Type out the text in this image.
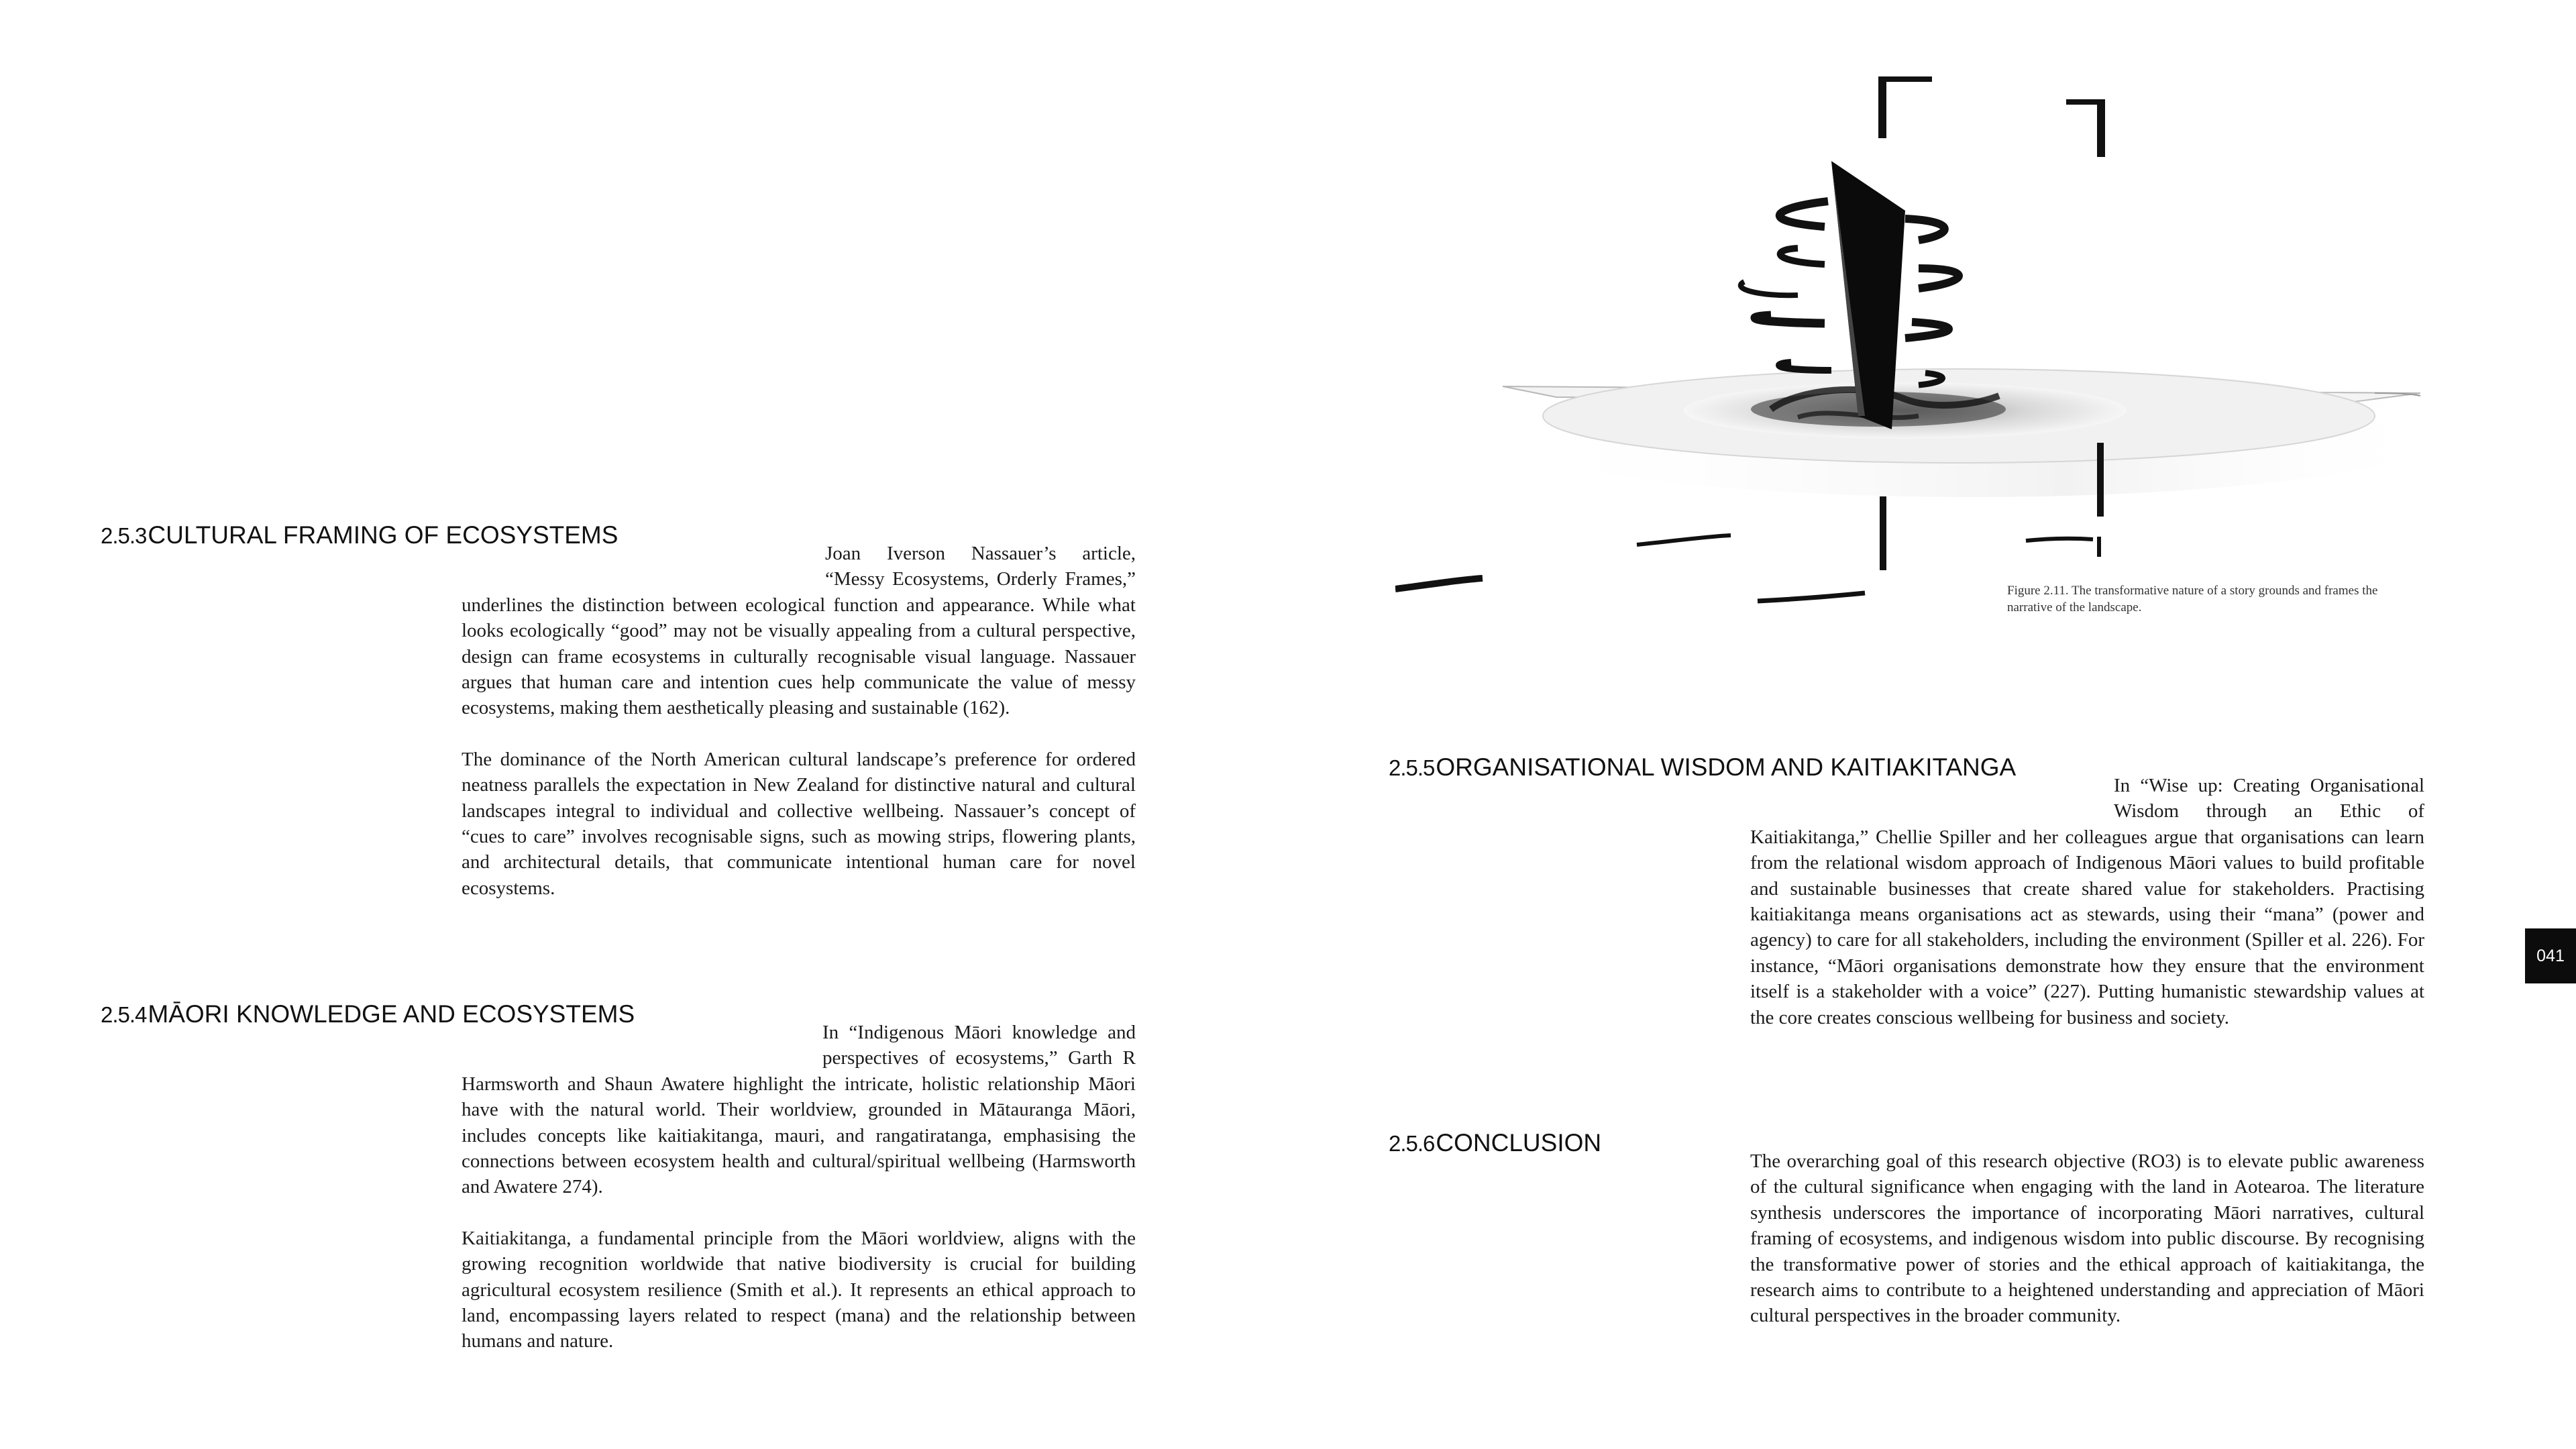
2.5.3CULTURAL FRAMING OF ECOSYSTEMS

Joan Iverson Nassauer’s article, “Messy Ecosystems, Orderly Frames,” underlines the distinction between ecological function and appearance. While what looks ecologically “good” may not be visually appealing from a cultural perspective, design can frame ecosystems in culturally recognisable visual language. Nassauer argues that human care and intention cues help communicate the value of messy ecosystems, making them aesthetically pleasing and sustainable (162).

The dominance of the North American cultural landscape’s preference for ordered neatness parallels the expectation in New Zealand for distinctive natural and cultural landscapes integral to individual and collective wellbeing. Nassauer’s concept of “cues to care” involves recognisable signs, such as mowing strips, flowering plants, and architectural details, that communicate intentional human care for novel ecosystems.

2.5.4MĀORI KNOWLEDGE AND ECOSYSTEMS

In “Indigenous Māori knowledge and perspectives of ecosystems,” Garth R Harmsworth and Shaun Awatere highlight the intricate, holistic relationship Māori have with the natural world. Their worldview, grounded in Mātauranga Māori, includes concepts like kaitiakitanga, mauri, and rangatiratanga, emphasising the connections between ecosystem health and cultural/spiritual wellbeing (Harmsworth and Awatere 274).

Kaitiakitanga, a fundamental principle from the Māori worldview, aligns with the growing recognition worldwide that native biodiversity is crucial for building agricultural ecosystem resilience (Smith et al.). It represents an ethical approach to land, encompassing layers related to respect (mana) and the relationship between humans and nature.

Figure 2.11. The transformative nature of a story grounds and frames the narrative of the landscape.
2.5.5ORGANISATIONAL WISDOM AND KAITIAKITANGA

In “Wise up: Creating Organisational Wisdom through an Ethic of Kaitiakitanga,” Chellie Spiller and her colleagues argue that organisations can learn from the relational wisdom approach of Indigenous Māori values to build profitable and sustainable businesses that create shared value for stakeholders. Practising kaitiakitanga means organisations act as stewards, using their “mana” (power and agency) to care for all stakeholders, including the environment (Spiller et al. 226). For instance, “Māori organisations demonstrate how they ensure that the environment itself is a stakeholder with a voice” (227). Putting humanistic stewardship values at the core creates conscious wellbeing for business and society.

2.5.6CONCLUSION

The overarching goal of this research objective (RO3) is to elevate public awareness of the cultural significance when engaging with the land in Aotearoa. The literature synthesis underscores the importance of incorporating Māori narratives, cultural framing of ecosystems, and indigenous wisdom into public discourse. By recognising the transformative power of stories and the ethical approach of kaitiakitanga, the research aims to contribute to a heightened understanding and appreciation of Māori cultural perspectives in the broader community.

041
